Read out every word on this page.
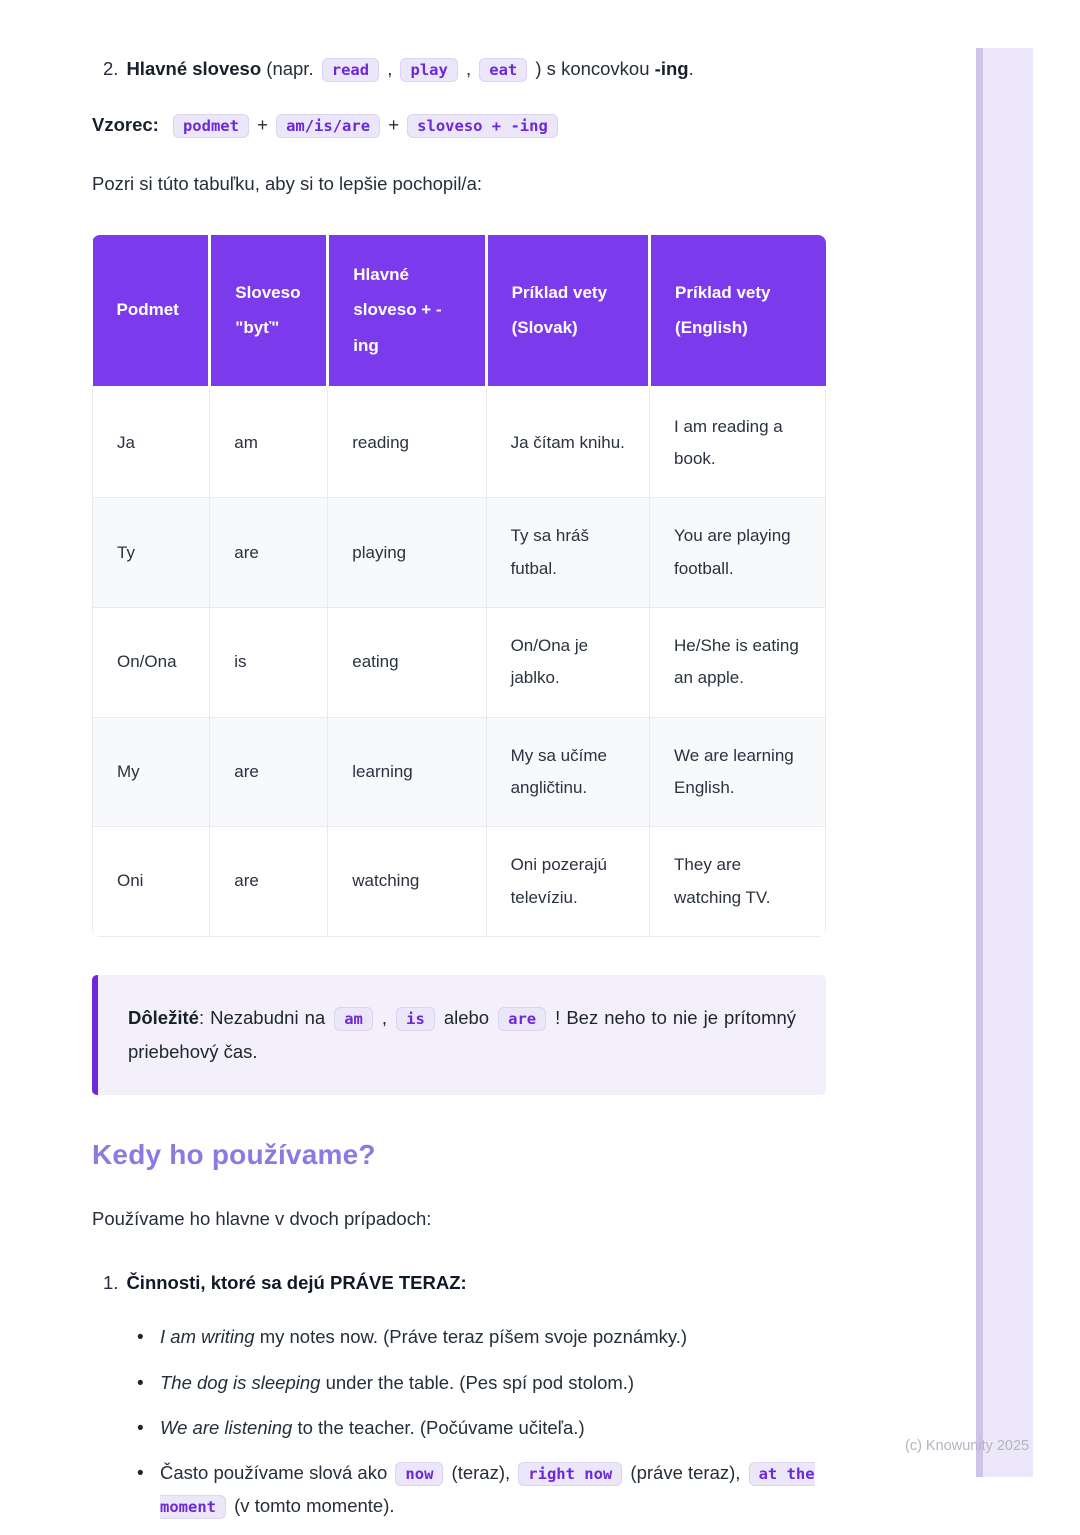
2. Hlavné sloveso (napr. read , play , eat ) s koncovkou -ing.
Vzorec: podmet + am/is/are + sloveso + -ing
Pozri si túto tabuľku, aby si to lepšie pochopil/a:
Podmet	Sloveso "byť"	Hlavné sloveso + -ing	Príklad vety (Slovak)	Príklad vety (English)
Ja	am	reading	Ja čítam knihu.	I am reading a book.
Ty	are	playing	Ty sa hráš futbal.	You are playing football.
On/Ona	is	eating	On/Ona je jablko.	He/She is eating an apple.
My	are	learning	My sa učíme angličtinu.	We are learning English.
Oni	are	watching	Oni pozerajú televíziu.	They are watching TV.
Dôležité: Nezabudni na am , is alebo are ! Bez neho to nie je prítomný priebehový čas.
Kedy ho používame?
Používame ho hlavne v dvoch prípadoch:
1. Činnosti, ktoré sa dejú PRÁVE TERAZ:
• I am writing my notes now. (Práve teraz píšem svoje poznámky.)
• The dog is sleeping under the table. (Pes spí pod stolom.)
• We are listening to the teacher. (Počúvame učiteľa.)
• Často používame slová ako now (teraz), right now (práve teraz), at the moment (v tomto momente).
(c) Knowunity 2025
